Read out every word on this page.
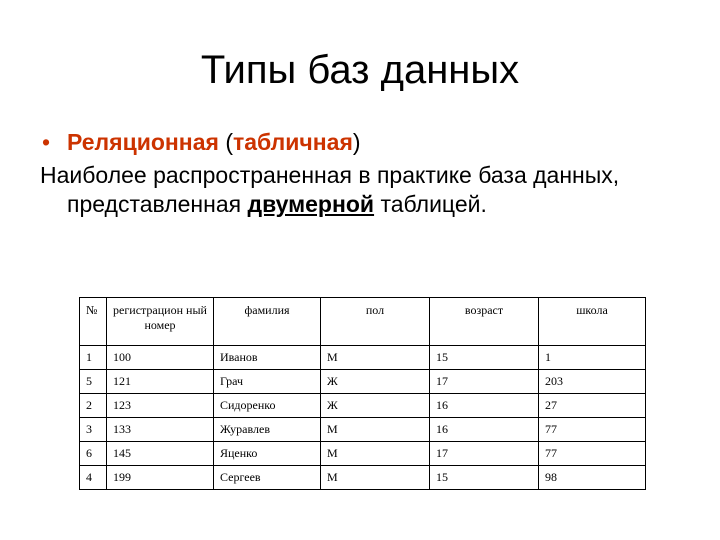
Типы баз данных
• Реляционная (табличная)
Наиболее распространенная в практике база данных, представленная двумерной таблицей.
№	регистрацион ный номер	фамилия	пол	возраст	школа
1	100	Иванов	М	15	1
5	121	Грач	Ж	17	203
2	123	Сидоренко	Ж	16	27
3	133	Журавлев	М	16	77
6	145	Яценко	М	17	77
4	199	Сергеев	М	15	98
